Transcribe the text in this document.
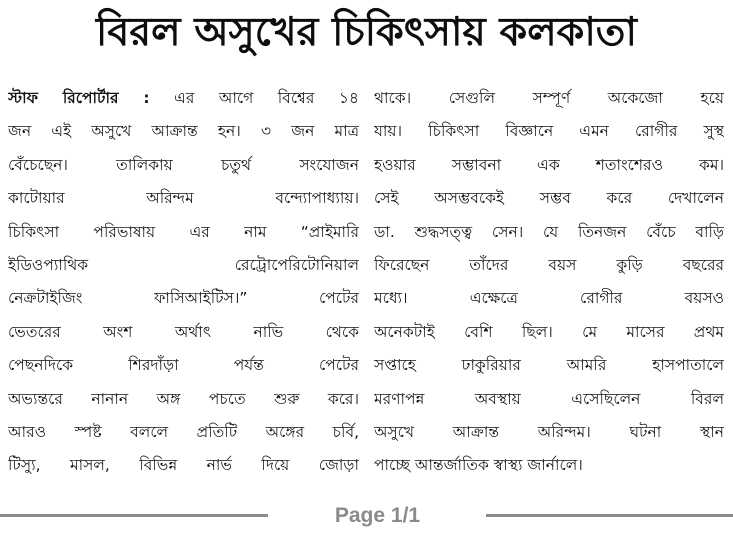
বিরল অসুখের চিকিৎসায় কলকাতা
স্টাফ রিপোর্টার : এর আগে বিশ্বের ১৪
জন এই অসুখে আক্রান্ত হন। ৩ জন মাত্র
বেঁচেছেন। তালিকায় চতুর্থ সংযোজন
কাটোয়ার অরিন্দম বন্দ্যোপাধ্যায়।
চিকিৎসা পরিভাষায় এর নাম “প্রাইমারি
ইডিওপ্যাথিক রেট্রোপেরিটোনিয়াল
নেক্রটাইজিং ফাসিআইটিস।” পেটের
ভেতরের অংশ অর্থাৎ নাভি থেকে
পেছনদিকে শিরদাঁড়া পর্যন্ত পেটের
অভ্যন্তরে নানান অঙ্গ পচতে শুরু করে।
আরও স্পষ্ট বললে প্রতিটি অঙ্গের চর্বি,
টিস্যু, মাসল, বিভিন্ন নার্ভ দিয়ে জোড়া
থাকে। সেগুলি সম্পূর্ণ অকেজো হয়ে
যায়। চিকিৎসা বিজ্ঞানে এমন রোগীর সুস্থ
হওয়ার সম্ভাবনা এক শতাংশেরও কম।
সেই অসম্ভবকেই সম্ভব করে দেখালেন
ডা. শুদ্ধসত্ত্ব সেন। যে তিনজন বেঁচে বাড়ি
ফিরেছেন তাঁদের বয়স কুড়ি বছরের
মধ্যে। এক্ষেত্রে রোগীর বয়সও
অনেকটাই বেশি ছিল। মে মাসের প্রথম
সপ্তাহে ঢাকুরিয়ার আমরি হাসপাতালে
মরণাপন্ন অবস্থায় এসেছিলেন বিরল
অসুখে আক্রান্ত অরিন্দম। ঘটনা স্থান
পাচ্ছে আন্তর্জাতিক স্বাস্থ্য জার্নালে।
Page 1/1
